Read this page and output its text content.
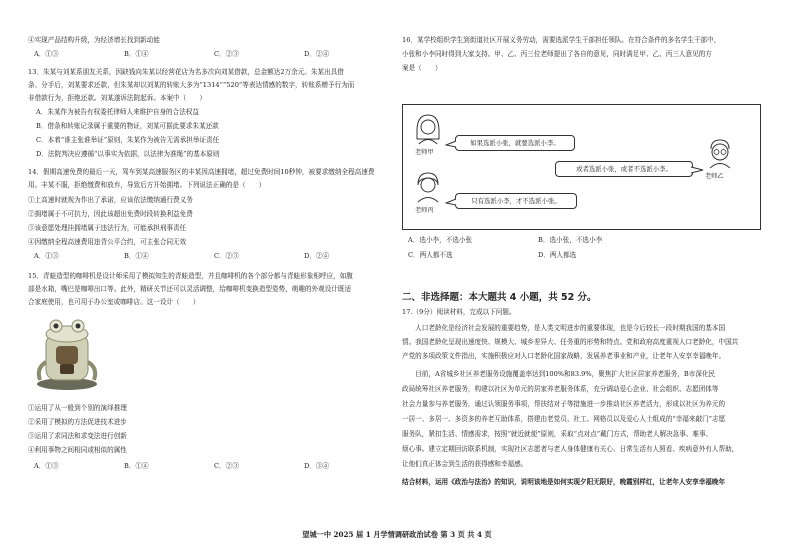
④实现产品结构升级，为经济增长找到新动能
A．①③	B．①④	C．②③	D．②④
13．朱某与刘某系朋友关系，因缺钱向朱某以经营花店为名多次向刘某借款，总金额达2万余元。朱某出具借
条、分手后，刘某要求还款，但朱某却以刘某的转账大多为“1314”“520”等表达情感的数字，转账系赠予行为而
非借款行为，拒绝还款。刘某遂诉法院起诉。本案中（　　）
A．朱某作为被告有权委托律师人来维护自身的合法权益
B．借条和转账记录属于重要的物证，刘某可据此要求朱某还款
C．本着“谁主张谁举证”原则，朱某作为被告无需承担举证责任
D．法院判决应遵循“以事实为依据，以法律为准绳”的基本原则
14．假期高速免费的最后一天，驾车到某高速服务区的丰某因高速拥堵，超过免费时间10秒钟，被要求缴纳全程高速费
用。丰某不服，拒绝缴费和放弃，导致后方开始拥堵。下列说法正确的是（　　）
①上高速时就视为作出了承诺，应该依法缴纳通行费义务
②拥堵属于不可抗力，因此该超出免费时段转换利益免费
③该意愿处理挂拥堵属于违法行为，可能承担刑事责任
④因缴纳全程高速费用违背公平合约，可主张合同无效
A．①③	B．①④	C．②③	D．②④
15．青蛙造型的咖啡机是设计师采用了模拟知生的青蛙造型，并且咖啡机的各个部分都与青蛙形象相呼应，如腹
部是水箱，嘴巴是咖啡出口等。此外，精研关节还可以灵活调整，给咖啡机变换造型姿势，萌趣的外观设计既适
合家庭使用，也可用于办公室或咖啡店。这一设计（　　）
①运用了从一般到个别的演绎推理
②采用了模拟的方法促进技术进步
③运用了求同法和求变法进行创新
④利用事物之间相同或相似的属性
A．①③	B．①④	C．②③	D．③④
16．某学校组织学生到街道社区开展义务劳动，需要选派学生干部担任领队。在符合条件的多名学生干部中，
小张和小李同时得到大家支持。甲、乙、丙三位老师提出了各自的意见，同时满足甲、乙、丙三人意见的方
案是（　　）
老师甲
如果选派小张，就要选派小李。
老师乙
或者选派小张，或者不选派小李。
老师丙
只有选派小李，才不选派小张。
A．选小李，不选小张	B．选小张，不选小李
C．两人都不选	D．两人都选
二、非选择题：本大题共 4 小题，共 52 分。
17.（9分）阅读材料，完成以下问题。
　　人口老龄化是经济社会发展的重要趋势，是人类文明进步的重要体现，也是今后较长一段时期我国的基本国
情。我国老龄化呈现出速度快、规模大、城乡差异大、任务重的形势和特点。党和政府高度重视人口老龄化，中国共
产党的多项政策文件指出，实施积极应对人口老龄化国家战略，发展养老事业和产业，让老年人安享幸福晚年。
　　目前，A省城乡社区养老服务设施覆盖率达到100%和83.9%，聚焦扩大社区居家养老服务，B市深化民
政局统筹社区养老服务，构建以社区为单元的居家养老服务体系，充分调动爱心企业、社会组织、志愿团体等
社会力量参与养老服务，通过认领服务事项，帮扶结对子等措施进一步推动社区养老活力，形成以社区为养元的
一居一、多居一、多资多的养老互助体系，搭建由老党员、社工、网格员以及爱心人士组成的“幸福来敲门”志愿
服务队，紧扣生活、情感需求，按照“就近就便”原则，采取“点对点”戴门方式，帮助老人解决急事、难事、
烦心事。建立定期回访联系机制，实现社区志愿者与老人身体健康有关心、日常生活有人照看、疾病意外有人帮助，
让他们真正体会到生活的获得感和幸福感。
结合材料，运用《政治与法治》的知识，说明该地是如何实现夕阳无限好，晚霞别样红，让老年人安享幸福晚年
望城一中 2025 届 1 月学情调研政治试卷 第 3 页 共 4 页
